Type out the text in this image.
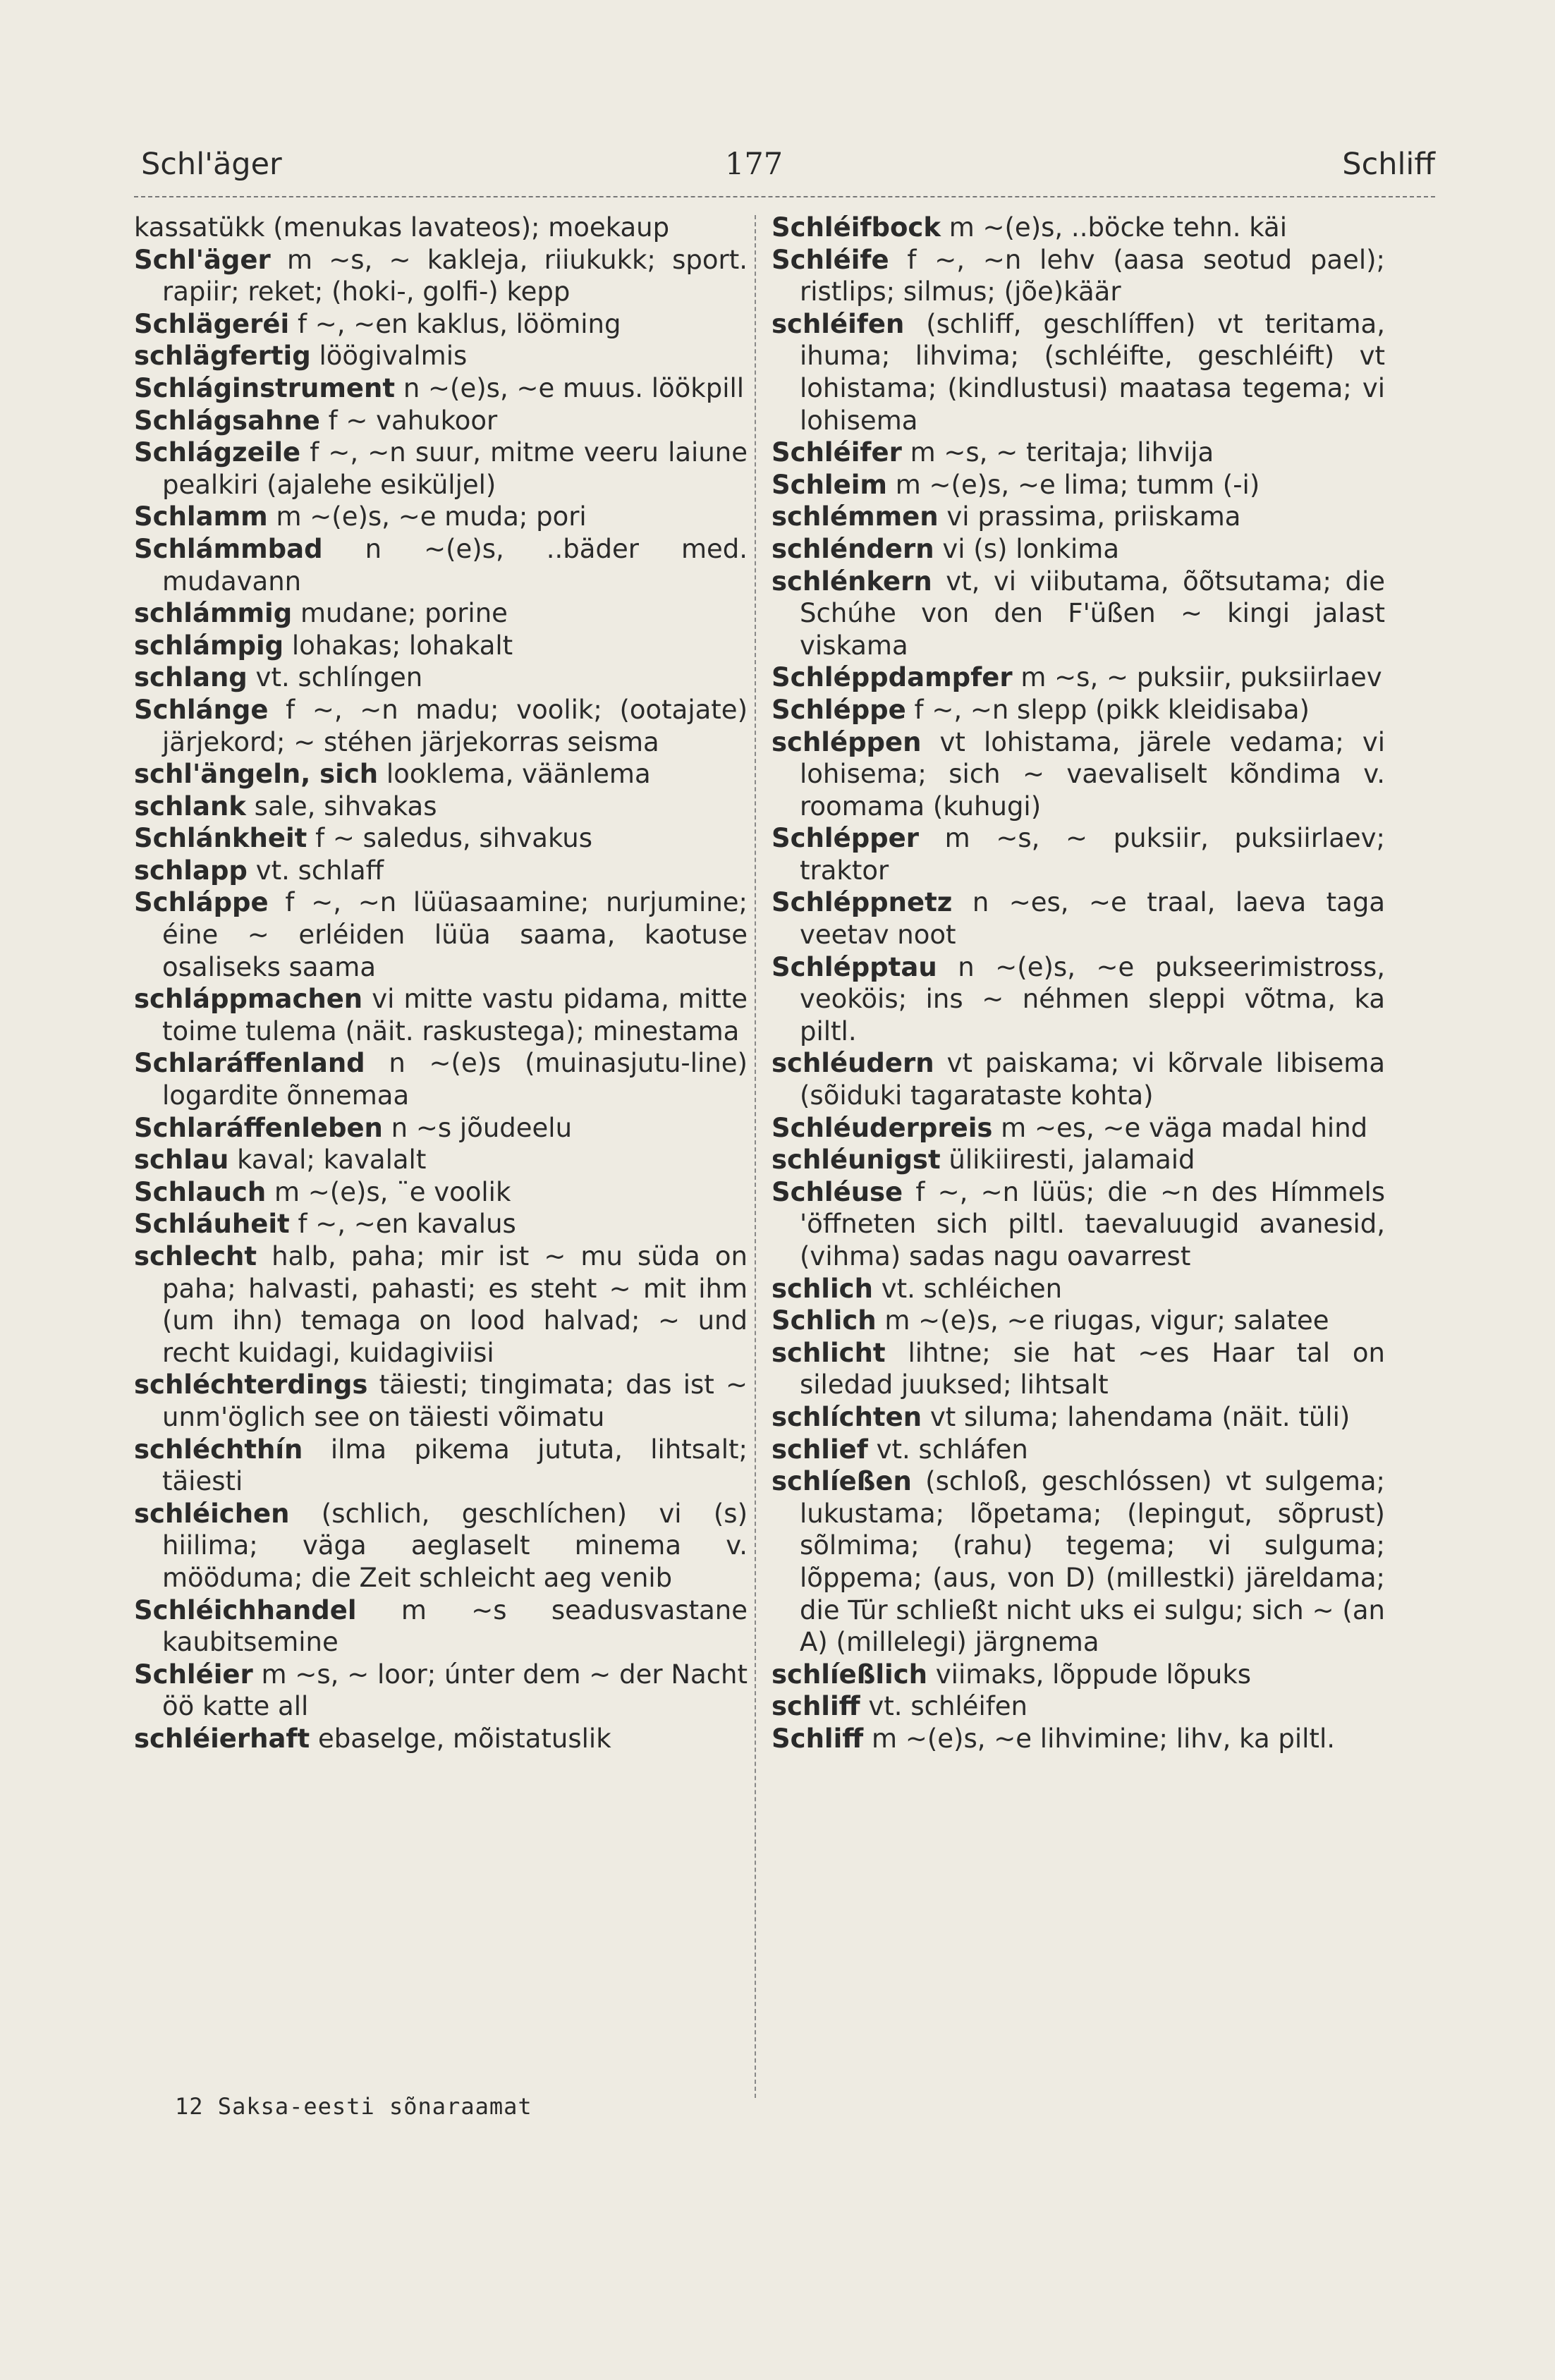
Schl'äger	177	Schliff

kassatükk (menukas lavateos); moekaup

Schl'äger m ~s, ~ kakleja, riiukukk; sport. rapiir; reket; (hoki-, golfi-) kepp

Schlägeréi f ~, ~en kaklus, lööming

schlägfertig löögivalmis

Schláginstrument n ~(e)s, ~e muus. löökpill

Schlágsahne f ~ vahukoor

Schlágzeile f ~, ~n suur, mitme veeru laiune pealkiri (ajalehe esiküljel)

Schlamm m ~(e)s, ~e muda; pori

Schlámmbad n ~(e)s, ..bäder med. mudavann

schlámmig mudane; porine

schlámpig lohakas; lohakalt

schlang vt. schlíngen

Schlánge f ~, ~n madu; voolik; (ootajate) järjekord; ~ stéhen järjekorras seisma

schl'ängeln, sich looklema, väänlema

schlank sale, sihvakas

Schlánkheit f ~ saledus, sihvakus

schlapp vt. schlaff

Schláppe f ~, ~n lüüasaamine; nurjumine; éine ~ erléiden lüüa saama, kaotuse osaliseks saama

schláppmachen vi mitte vastu pidama, mitte toime tulema (näit. raskustega); minestama

Schlaráffenland n ~(e)s (muinasjutu-line) logardite õnnemaa

Schlaráffenleben n ~s jõudeelu

schlau kaval; kavalalt

Schlauch m ~(e)s, ¨e voolik

Schláuheit f ~, ~en kavalus

schlecht halb, paha; mir ist ~ mu süda on paha; halvasti, pahasti; es steht ~ mit ihm (um ihn) temaga on lood halvad; ~ und recht kuidagi, kuidagiviisi

schléchterdings täiesti; tingimata; das ist ~ unm'öglich see on täiesti võimatu

schléchthín ilma pikema jututa, lihtsalt; täiesti

schléichen (schlich, geschlíchen) vi (s) hiilima; väga aeglaselt minema v. mööduma; die Zeit schleicht aeg venib

Schléichhandel m ~s seadusvastane kaubitsemine

Schléier m ~s, ~ loor; únter dem ~ der Nacht öö katte all

schléierhaft ebaselge, mõistatuslik

Schléifbock m ~(e)s, ..böcke tehn. käi

Schléife f ~, ~n lehv (aasa seotud pael); ristlips; silmus; (jõe)käär

schléifen (schliff, geschlíffen) vt teritama, ihuma; lihvima; (schléifte, geschléift) vt lohistama; (kindlustusi) maatasa tegema; vi lohisema

Schléifer m ~s, ~ teritaja; lihvija

Schleim m ~(e)s, ~e lima; tumm (-i)

schlémmen vi prassima, priiskama

schléndern vi (s) lonkima

schlénkern vt, vi viibutama, õõtsutama; die Schúhe von den F'üßen ~ kingi jalast viskama

Schléppdampfer m ~s, ~ puksiir, puksiirlaev

Schléppe f ~, ~n slepp (pikk kleidisaba)

schléppen vt lohistama, järele vedama; vi lohisema; sich ~ vaevaliselt kõndima v. roomama (kuhugi)

Schlépper m ~s, ~ puksiir, puksiirlaev; traktor

Schléppnetz n ~es, ~e traal, laeva taga veetav noot

Schlépptau n ~(e)s, ~e pukseerimistross, veoköis; ins ~ néhmen sleppi võtma, ka piltl.

schléudern vt paiskama; vi kõrvale libisema (sõiduki tagarataste kohta)

Schléuderpreis m ~es, ~e väga madal hind

schléunigst ülikiiresti, jalamaid

Schléuse f ~, ~n lüüs; die ~n des Hímmels 'öffneten sich piltl. taevaluugid avanesid, (vihma) sadas nagu oavarrest

schlich vt. schléichen

Schlich m ~(e)s, ~e riugas, vigur; salatee

schlicht lihtne; sie hat ~es Haar tal on siledad juuksed; lihtsalt

schlíchten vt siluma; lahendama (näit. tüli)

schlief vt. schláfen

schlíeßen (schloß, geschlóssen) vt sulgema; lukustama; lõpetama; (lepingut, sõprust) sõlmima; (rahu) tegema; vi sulguma; lõppema; (aus, von D) (millestki) järeldama; die Tür schließt nicht uks ei sulgu; sich ~ (an A) (millelegi) järgnema

schlíeßlich viimaks, lõppude lõpuks

schliff vt. schléifen

Schliff m ~(e)s, ~e lihvimine; lihv, ka piltl.

12 Saksa-eesti sõnaraamat
